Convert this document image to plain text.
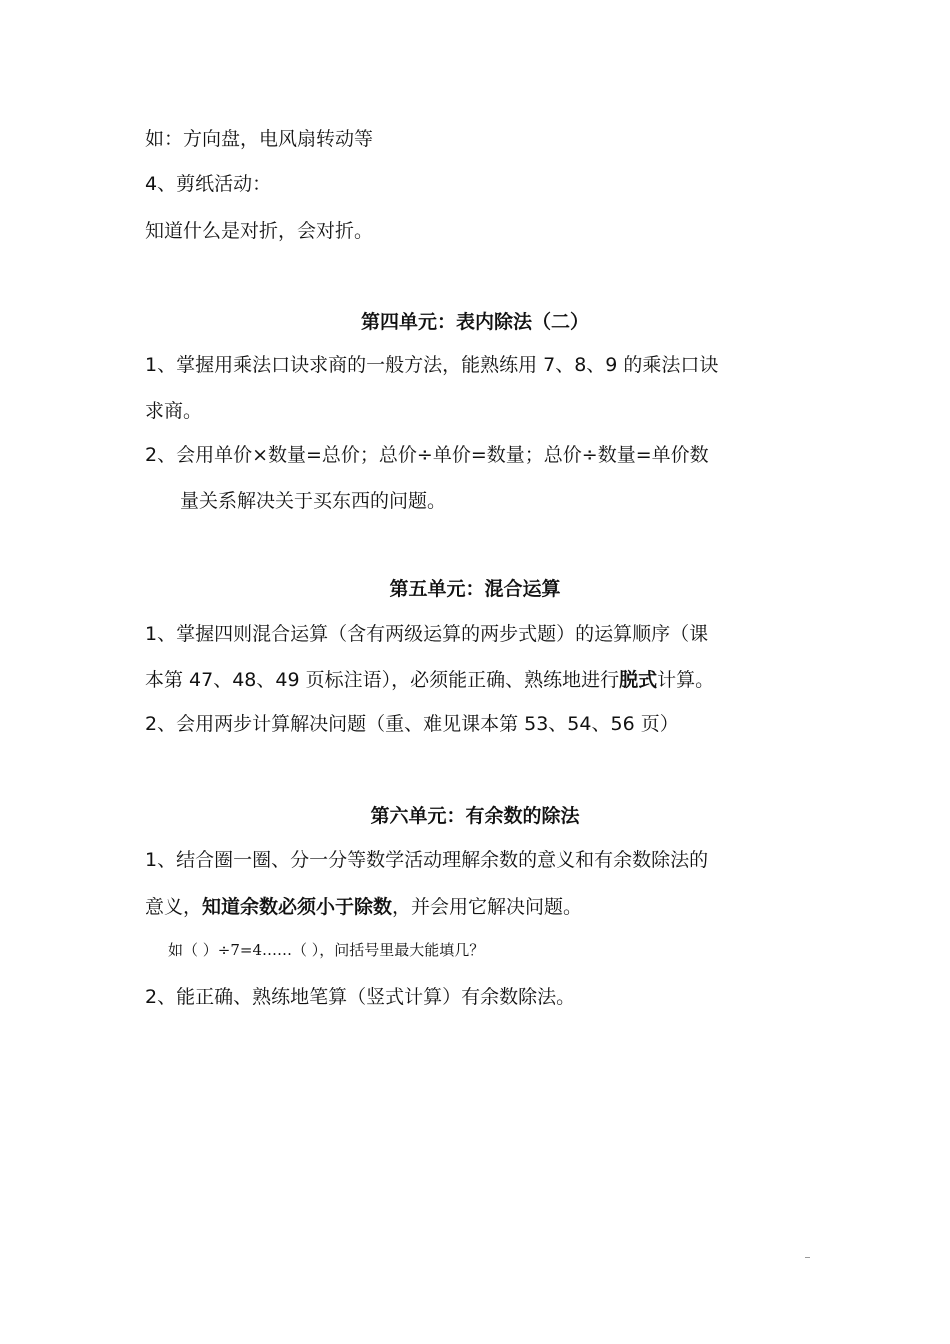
如：方向盘，电风扇转动等
4、剪纸活动：
知道什么是对折，会对折。
第四单元：表内除法（二）
1、掌握用乘法口诀求商的一般方法，能熟练用 7、8、9 的乘法口诀
求商。
2、会用单价×数量=总价；总价÷单价=数量；总价÷数量=单价数
量关系解决关于买东西的问题。
第五单元：混合运算
1、掌握四则混合运算（含有两级运算的两步式题）的运算顺序（课
本第 47、48、49 页标注语），必须能正确、熟练地进行脱式计算。
2、会用两步计算解决问题（重、难见课本第 53、54、56 页）
第六单元：有余数的除法
1、结合圈一圈、分一分等数学活动理解余数的意义和有余数除法的
意义，知道余数必须小于除数，并会用它解决问题。
如（ ）÷7=4……（ ），问括号里最大能填几？
2、能正确、熟练地笔算（竖式计算）有余数除法。
